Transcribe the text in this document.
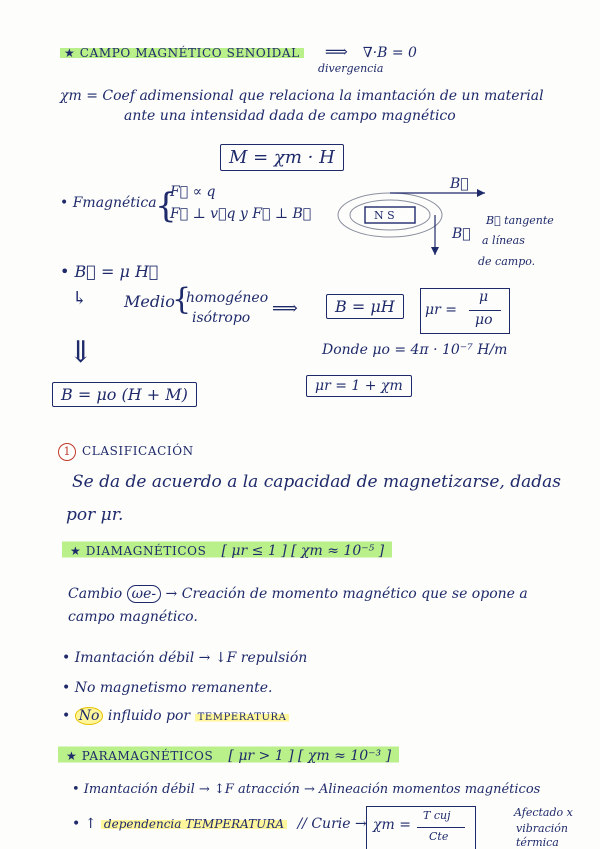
★ CAMPO MAGNÉTICO SENOIDAL ⟹ ∇·B = 0
divergencia
χm = Coef adimensional que relaciona la imantación de un material
ante una intensidad dada de campo magnético
M = χm · H
• Fmagnética
{
F⃗ ∝ q
F⃗ ⊥ v⃗q y F⃗ ⊥ B⃗	N S
B⃗
B⃗
B⃗ tangente
a líneas
de campo.
• B⃗ = μ H⃗
↳ Medio
{
homogéneo
isótropo ⟹	B = μH	μr =
μ
μo
Donde μo = 4π · 10⁻⁷ H/m
μr = 1 + χm
⇓
B = μo (H + M)
1 CLASIFICACIÓN
Se da de acuerdo a la capacidad de magnetizarse, dadas
por μr.
★ DIAMAGNÉTICOS [ μr ≤ 1 ] [ χm ≈ 10⁻⁵ ]
Cambio ωe- → Creación de momento magnético que se opone a
campo magnético.
• Imantación débil → ↓F repulsión
• No magnetismo remanente.
• No influido por TEMPERATURA
★ PARAMAGNÉTICOS [ μr > 1 ] [ χm ≈ 10⁻³ ]
• Imantación débil → ↕F atracción → Alineación momentos magnéticos
• ↑ dependencia TEMPERATURA // Curie → χm =
T cuj
Cte
Afectado x
vibración
térmica
